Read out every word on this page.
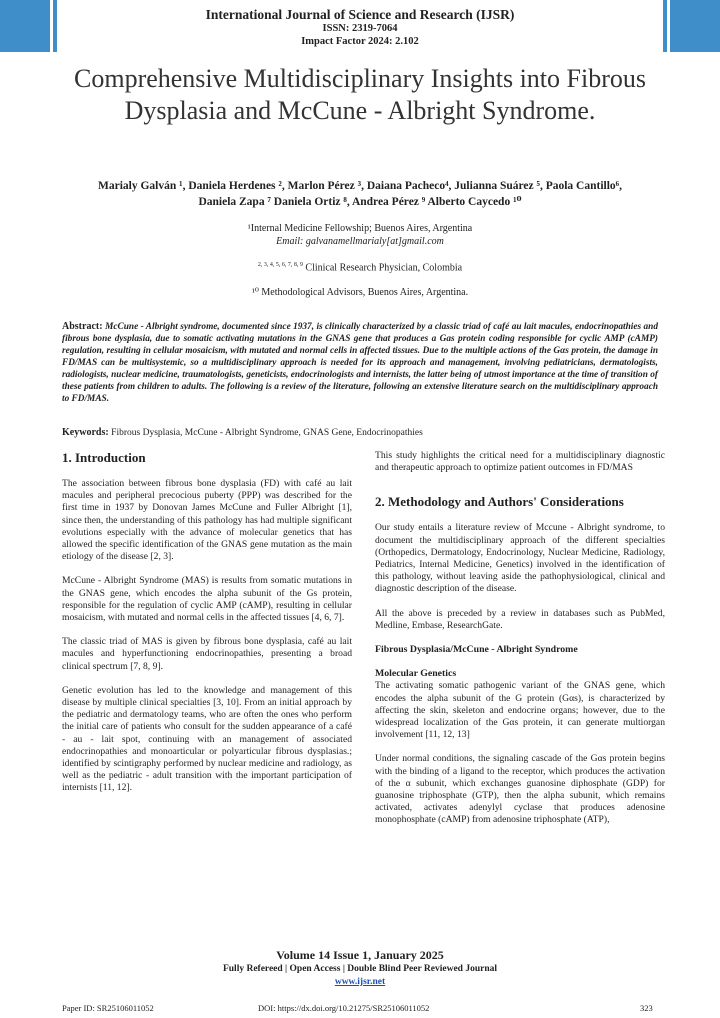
International Journal of Science and Research (IJSR)
ISSN: 2319-7064
Impact Factor 2024: 2.102
Comprehensive Multidisciplinary Insights into Fibrous Dysplasia and McCune - Albright Syndrome.
Marialy Galván ¹, Daniela Herdenes ², Marlon Pérez ³, Daiana Pacheco⁴, Julianna Suárez ⁵, Paola Cantillo⁶,
Daniela Zapa ⁷ Daniela Ortiz ⁸, Andrea Pérez ⁹ Alberto Caycedo ¹⁰
¹Internal Medicine Fellowship; Buenos Aires, Argentina
Email: galvanamellmarialy[at]gmail.com
$^{2, 3, 4, 5, 6, 7, 8, 9}$ Clinical Research Physician, Colombia
¹⁰ Methodological Advisors, Buenos Aires, Argentina.
Abstract: McCune - Albright syndrome, documented since 1937, is clinically characterized by a classic triad of café au lait macules, endocrinopathies and fibrous bone dysplasia, due to somatic activating mutations in the GNAS gene that produces a Gas protein coding responsible for cyclic AMP (cAMP) regulation, resulting in cellular mosaicism, with mutated and normal cells in affected tissues. Due to the multiple actions of the Gαs protein, the damage in FD/MAS can be multisystemic, so a multidisciplinary approach is needed for its approach and management, involving pediatricians, dermatologists, radiologists, nuclear medicine, traumatologists, geneticists, endocrinologists and internists, the latter being of utmost importance at the time of transition of these patients from children to adults. The following is a review of the literature, following an extensive literature search on the multidisciplinary approach to FD/MAS.
Keywords: Fibrous Dysplasia, McCune - Albright Syndrome, GNAS Gene, Endocrinopathies
1. Introduction

The association between fibrous bone dysplasia (FD) with café au lait macules and peripheral precocious puberty (PPP) was described for the first time in 1937 by Donovan James McCune and Fuller Albright [1], since then, the understanding of this pathology has had multiple significant evolutions especially with the advance of molecular genetics that has allowed the specific identification of the GNAS gene mutation as the main etiology of the disease [2, 3].

McCune - Albright Syndrome (MAS) is results from somatic mutations in the GNAS gene, which encodes the alpha subunit of the Gs protein, responsible for the regulation of cyclic AMP (cAMP), resulting in cellular mosaicism, with mutated and normal cells in the affected tissues [4, 6, 7].

The classic triad of MAS is given by fibrous bone dysplasia, café au lait macules and hyperfunctioning endocrinopathies, presenting a broad clinical spectrum [7, 8, 9].

Genetic evolution has led to the knowledge and management of this disease by multiple clinical specialties [3, 10]. From an initial approach by the pediatric and dermatology teams, who are often the ones who perform the initial care of patients who consult for the sudden appearance of a café - au - lait spot, continuing with an management of associated endocrinopathies and monoarticular or polyarticular fibrous dysplasias.; identified by scintigraphy performed by nuclear medicine and radiology, as well as the pediatric - adult transition with the important participation of internists [11, 12].

This study highlights the critical need for a multidisciplinary diagnostic and therapeutic approach to optimize patient outcomes in FD/MAS

2. Methodology and Authors' Considerations

Our study entails a literature review of Mccune - Albright syndrome, to document the multidisciplinary approach of the different specialties (Orthopedics, Dermatology, Endocrinology, Nuclear Medicine, Radiology, Pediatrics, Internal Medicine, Genetics) involved in the identification of this pathology, without leaving aside the pathophysiological, clinical and diagnostic description of the disease.

All the above is preceded by a review in databases such as PubMed, Medline, Embase, ResearchGate.

Fibrous Dysplasia/McCune - Albright Syndrome
Molecular Genetics

The activating somatic pathogenic variant of the GNAS gene, which encodes the alpha subunit of the G protein (Gαs), is characterized by affecting the skin, skeleton and endocrine organs; however, due to the widespread localization of the Gαs protein, it can generate multiorgan involvement [11, 12, 13]

Under normal conditions, the signaling cascade of the Gαs protein begins with the binding of a ligand to the receptor, which produces the activation of the α subunit, which exchanges guanosine diphosphate (GDP) for guanosine triphosphate (GTP), then the alpha subunit, which remains activated, activates adenylyl cyclase that produces adenosine monophosphate (cAMP) from adenosine triphosphate (ATP),

Volume 14 Issue 1, January 2025
Fully Refereed | Open Access | Double Blind Peer Reviewed Journal
www.ijsr.net
Paper ID: SR25106011052	DOI: https://dx.doi.org/10.21275/SR25106011052	323
